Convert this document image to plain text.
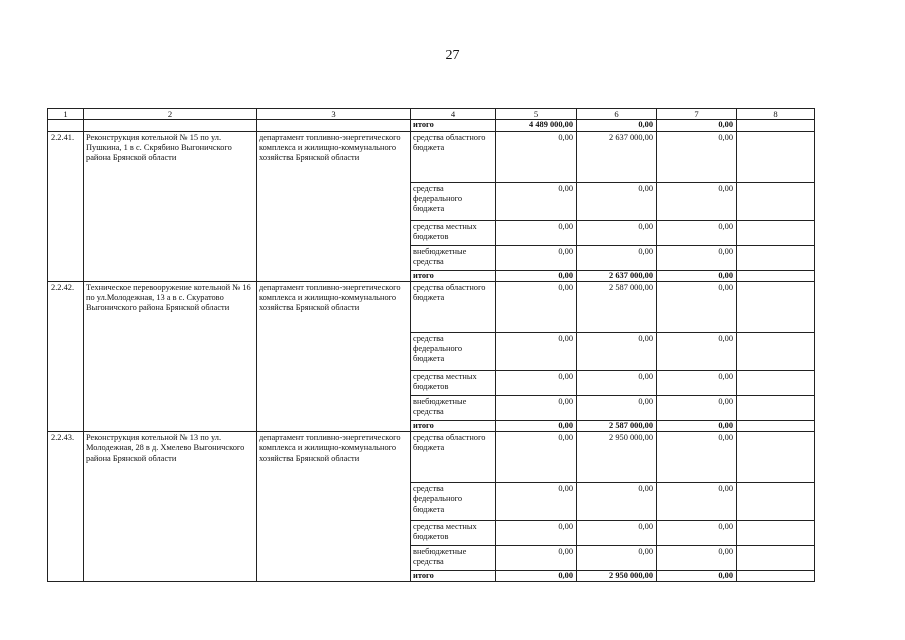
27
1	2	3	4	5	6	7	8
			итого	4 489 000,00	0,00	0,00	
2.2.41.	Реконструкция котельной № 15 по ул. Пушкина, 1 в с. Скрябино Выгоничского района Брянской области	департамент топливно-энергетического комплекса и жилищно-коммунального хозяйства Брянской области	средства областного бюджета	0,00	2 637 000,00	0,00	
			средства федерального бюджета	0,00	0,00	0,00	
			средства местных бюджетов	0,00	0,00	0,00	
			внебюджетные средства	0,00	0,00	0,00	
			итого	0,00	2 637 000,00	0,00	
2.2.42.	Техническое перевооружение котельной № 16 по ул.Молодежная, 13 а в с. Скуратово Выгоничского района Брянской области	департамент топливно-энергетического комплекса и жилищно-коммунального хозяйства Брянской области	средства областного бюджета	0,00	2 587 000,00	0,00	
			средства федерального бюджета	0,00	0,00	0,00	
			средства местных бюджетов	0,00	0,00	0,00	
			внебюджетные средства	0,00	0,00	0,00	
			итого	0,00	2 587 000,00	0,00	
2.2.43.	Реконструкция котельной № 13 по ул. Молодежная, 28 в д. Хмелево Выгоничского района Брянской области	департамент топливно-энергетического комплекса и жилищно-коммунального хозяйства Брянской области	средства областного бюджета	0,00	2 950 000,00	0,00	
			средства федерального бюджета	0,00	0,00	0,00	
			средства местных бюджетов	0,00	0,00	0,00	
			внебюджетные средства	0,00	0,00	0,00	
			итого	0,00	2 950 000,00	0,00	
